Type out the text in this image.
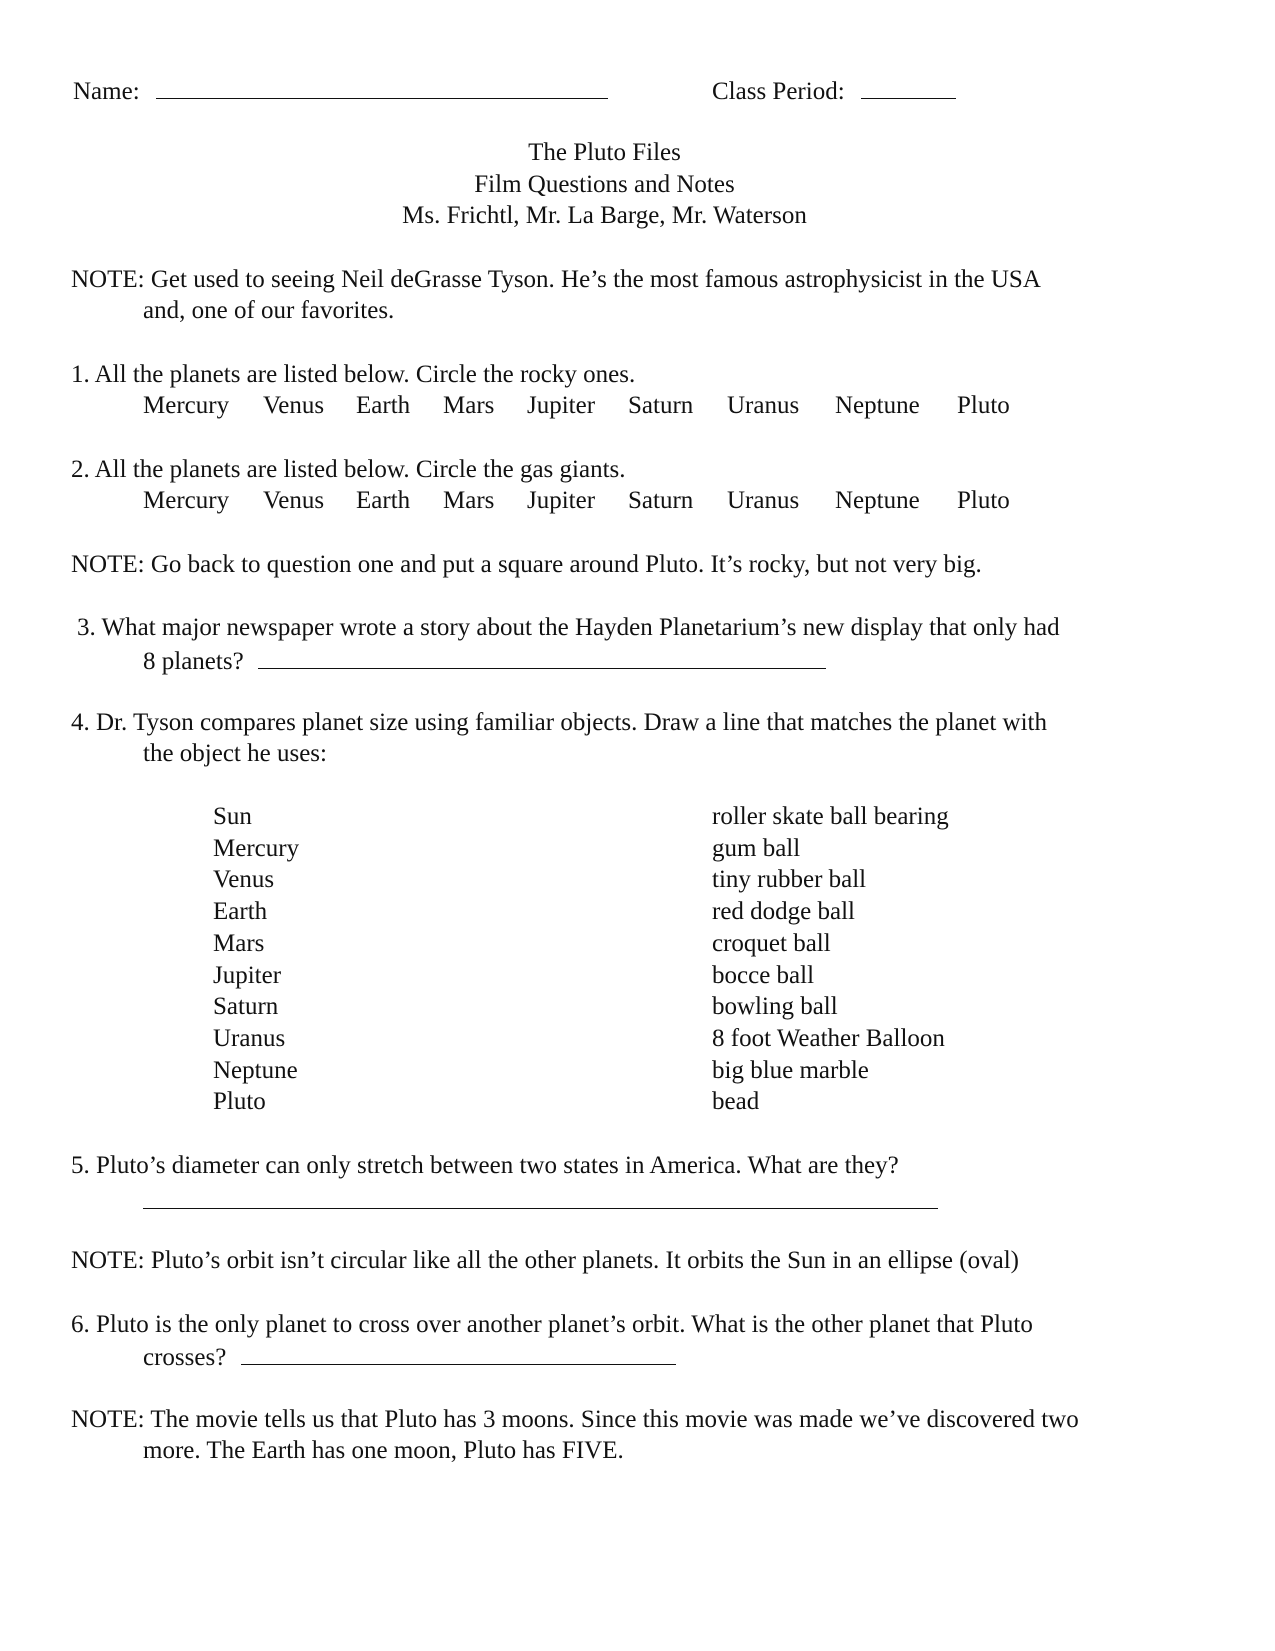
Name:	Class Period:
The Pluto Files
Film Questions and Notes
Ms. Frichtl, Mr. La Barge, Mr. Waterson
NOTE: Get used to seeing Neil deGrasse Tyson. He’s the most famous astrophysicist in the USA
and, one of our favorites.
1. All the planets are listed below. Circle the rocky ones.
Mercury Venus Earth Mars Jupiter Saturn Uranus Neptune Pluto
2. All the planets are listed below. Circle the gas giants.
Mercury Venus Earth Mars Jupiter Saturn Uranus Neptune Pluto
NOTE: Go back to question one and put a square around Pluto. It’s rocky, but not very big.
3. What major newspaper wrote a story about the Hayden Planetarium’s new display that only had
8 planets?
4. Dr. Tyson compares planet size using familiar objects. Draw a line that matches the planet with
the object he uses:
Sun
Mercury
Venus
Earth
Mars
Jupiter
Saturn
Uranus
Neptune
Pluto
roller skate ball bearing
gum ball
tiny rubber ball
red dodge ball
croquet ball
bocce ball
bowling ball
8 foot Weather Balloon
big blue marble
bead
5. Pluto’s diameter can only stretch between two states in America. What are they?
NOTE: Pluto’s orbit isn’t circular like all the other planets. It orbits the Sun in an ellipse (oval)
6. Pluto is the only planet to cross over another planet’s orbit. What is the other planet that Pluto
crosses?
NOTE: The movie tells us that Pluto has 3 moons. Since this movie was made we’ve discovered two
more. The Earth has one moon, Pluto has FIVE.
